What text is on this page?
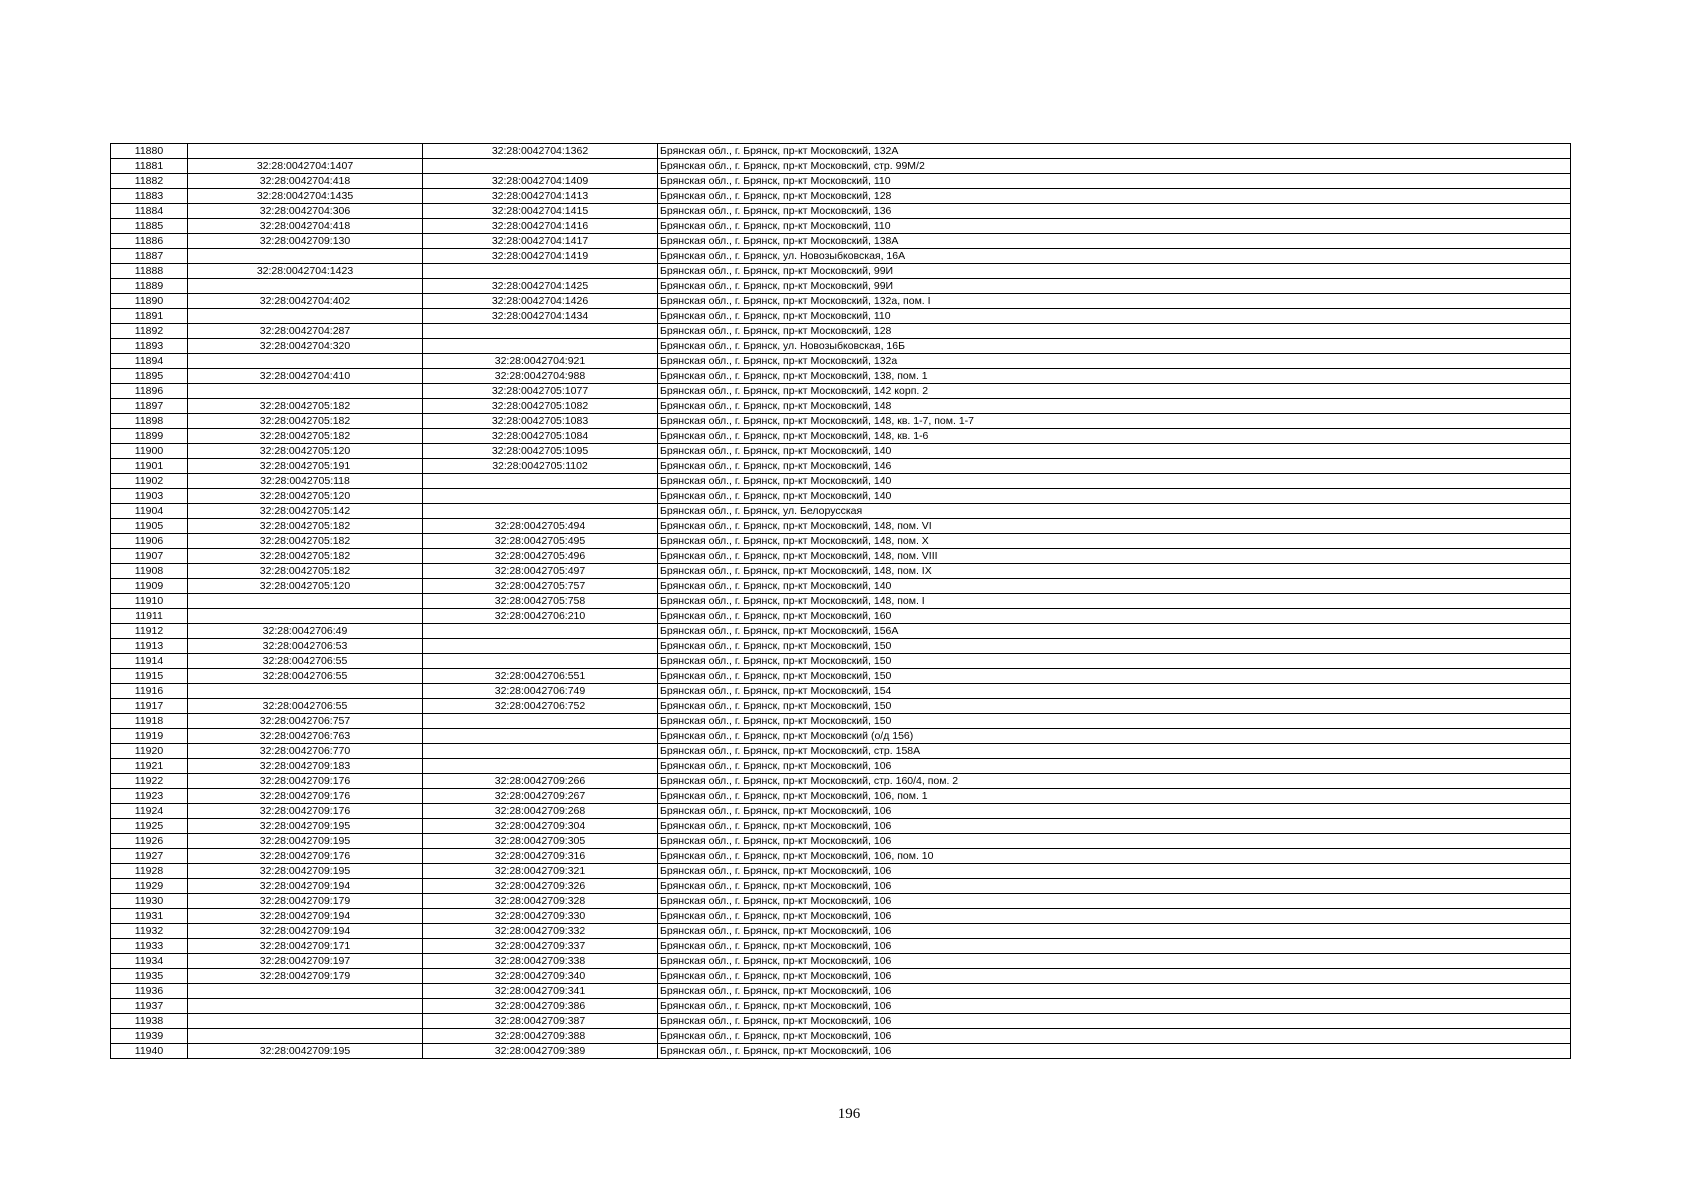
11880		32:28:0042704:1362	Брянская обл., г. Брянск, пр-кт Московский, 132А
11881	32:28:0042704:1407		Брянская обл., г. Брянск, пр-кт Московский, стр. 99М/2
11882	32:28:0042704:418	32:28:0042704:1409	Брянская обл., г. Брянск, пр-кт Московский, 110
11883	32:28:0042704:1435	32:28:0042704:1413	Брянская обл., г. Брянск, пр-кт Московский, 128
11884	32:28:0042704:306	32:28:0042704:1415	Брянская обл., г. Брянск, пр-кт Московский, 136
11885	32:28:0042704:418	32:28:0042704:1416	Брянская обл., г. Брянск, пр-кт Московский, 110
11886	32:28:0042709:130	32:28:0042704:1417	Брянская обл., г. Брянск, пр-кт Московский, 138А
11887		32:28:0042704:1419	Брянская обл., г. Брянск, ул. Новозыбковская, 16А
11888	32:28:0042704:1423		Брянская обл., г. Брянск, пр-кт Московский, 99И
11889		32:28:0042704:1425	Брянская обл., г. Брянск, пр-кт Московский, 99И
11890	32:28:0042704:402	32:28:0042704:1426	Брянская обл., г. Брянск, пр-кт Московский, 132а, пом. I
11891		32:28:0042704:1434	Брянская обл., г. Брянск, пр-кт Московский, 110
11892	32:28:0042704:287		Брянская обл., г. Брянск, пр-кт Московский, 128
11893	32:28:0042704:320		Брянская обл., г. Брянск, ул. Новозыбковская, 16Б
11894		32:28:0042704:921	Брянская обл., г. Брянск, пр-кт Московский, 132а
11895	32:28:0042704:410	32:28:0042704:988	Брянская обл., г. Брянск, пр-кт Московский, 138, пом. 1
11896		32:28:0042705:1077	Брянская обл., г. Брянск, пр-кт Московский, 142 корп. 2
11897	32:28:0042705:182	32:28:0042705:1082	Брянская обл., г. Брянск, пр-кт Московский, 148
11898	32:28:0042705:182	32:28:0042705:1083	Брянская обл., г. Брянск, пр-кт Московский, 148, кв. 1-7, пом. 1-7
11899	32:28:0042705:182	32:28:0042705:1084	Брянская обл., г. Брянск, пр-кт Московский, 148, кв. 1-6
11900	32:28:0042705:120	32:28:0042705:1095	Брянская обл., г. Брянск, пр-кт Московский, 140
11901	32:28:0042705:191	32:28:0042705:1102	Брянская обл., г. Брянск, пр-кт Московский, 146
11902	32:28:0042705:118		Брянская обл., г. Брянск, пр-кт Московский, 140
11903	32:28:0042705:120		Брянская обл., г. Брянск, пр-кт Московский, 140
11904	32:28:0042705:142		Брянская обл., г. Брянск, ул. Белорусская
11905	32:28:0042705:182	32:28:0042705:494	Брянская обл., г. Брянск, пр-кт Московский, 148, пом. VI
11906	32:28:0042705:182	32:28:0042705:495	Брянская обл., г. Брянск, пр-кт Московский, 148, пом. X
11907	32:28:0042705:182	32:28:0042705:496	Брянская обл., г. Брянск, пр-кт Московский, 148, пом. VIII
11908	32:28:0042705:182	32:28:0042705:497	Брянская обл., г. Брянск, пр-кт Московский, 148, пом. IX
11909	32:28:0042705:120	32:28:0042705:757	Брянская обл., г. Брянск, пр-кт Московский, 140
11910		32:28:0042705:758	Брянская обл., г. Брянск, пр-кт Московский, 148, пом. I
11911		32:28:0042706:210	Брянская обл., г. Брянск, пр-кт Московский, 160
11912	32:28:0042706:49		Брянская обл., г. Брянск, пр-кт Московский, 156А
11913	32:28:0042706:53		Брянская обл., г. Брянск, пр-кт Московский, 150
11914	32:28:0042706:55		Брянская обл., г. Брянск, пр-кт Московский, 150
11915	32:28:0042706:55	32:28:0042706:551	Брянская обл., г. Брянск, пр-кт Московский, 150
11916		32:28:0042706:749	Брянская обл., г. Брянск, пр-кт Московский, 154
11917	32:28:0042706:55	32:28:0042706:752	Брянская обл., г. Брянск, пр-кт Московский, 150
11918	32:28:0042706:757		Брянская обл., г. Брянск, пр-кт Московский, 150
11919	32:28:0042706:763		Брянская обл., г. Брянск, пр-кт Московский (о/д 156)
11920	32:28:0042706:770		Брянская обл., г. Брянск, пр-кт Московский, стр. 158А
11921	32:28:0042709:183		Брянская обл., г. Брянск, пр-кт Московский, 106
11922	32:28:0042709:176	32:28:0042709:266	Брянская обл., г. Брянск, пр-кт Московский, стр. 160/4, пом. 2
11923	32:28:0042709:176	32:28:0042709:267	Брянская обл., г. Брянск, пр-кт Московский, 106, пом. 1
11924	32:28:0042709:176	32:28:0042709:268	Брянская обл., г. Брянск, пр-кт Московский, 106
11925	32:28:0042709:195	32:28:0042709:304	Брянская обл., г. Брянск, пр-кт Московский, 106
11926	32:28:0042709:195	32:28:0042709:305	Брянская обл., г. Брянск, пр-кт Московский, 106
11927	32:28:0042709:176	32:28:0042709:316	Брянская обл., г. Брянск, пр-кт Московский, 106, пом. 10
11928	32:28:0042709:195	32:28:0042709:321	Брянская обл., г. Брянск, пр-кт Московский, 106
11929	32:28:0042709:194	32:28:0042709:326	Брянская обл., г. Брянск, пр-кт Московский, 106
11930	32:28:0042709:179	32:28:0042709:328	Брянская обл., г. Брянск, пр-кт Московский, 106
11931	32:28:0042709:194	32:28:0042709:330	Брянская обл., г. Брянск, пр-кт Московский, 106
11932	32:28:0042709:194	32:28:0042709:332	Брянская обл., г. Брянск, пр-кт Московский, 106
11933	32:28:0042709:171	32:28:0042709:337	Брянская обл., г. Брянск, пр-кт Московский, 106
11934	32:28:0042709:197	32:28:0042709:338	Брянская обл., г. Брянск, пр-кт Московский, 106
11935	32:28:0042709:179	32:28:0042709:340	Брянская обл., г. Брянск, пр-кт Московский, 106
11936		32:28:0042709:341	Брянская обл., г. Брянск, пр-кт Московский, 106
11937		32:28:0042709:386	Брянская обл., г. Брянск, пр-кт Московский, 106
11938		32:28:0042709:387	Брянская обл., г. Брянск, пр-кт Московский, 106
11939		32:28:0042709:388	Брянская обл., г. Брянск, пр-кт Московский, 106
11940	32:28:0042709:195	32:28:0042709:389	Брянская обл., г. Брянск, пр-кт Московский, 106
196
